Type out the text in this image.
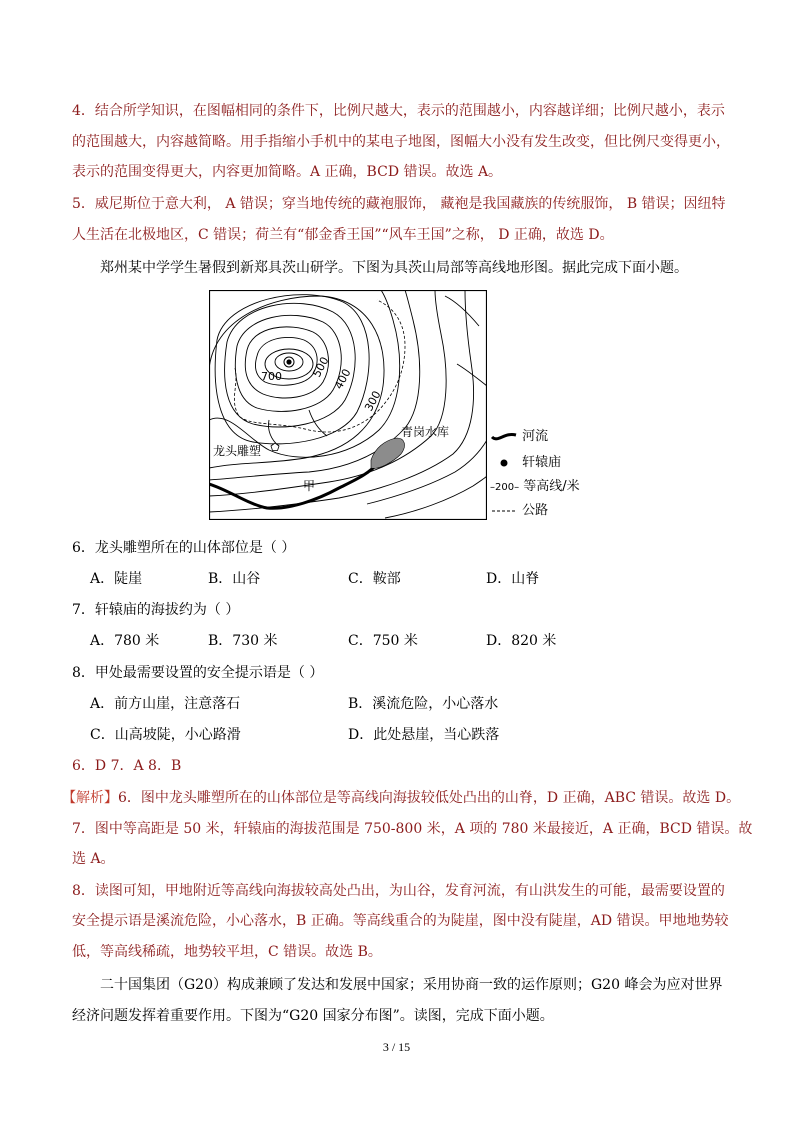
4．结合所学知识，在图幅相同的条件下，比例尺越大，表示的范围越小，内容越详细；比例尺越小，表示
的范围越大，内容越简略。用手指缩小手机中的某电子地图，图幅大小没有发生改变，但比例尺变得更小，
表示的范围变得更大，内容更加简略。A 正确，BCD 错误。故选 A。
5．威尼斯位于意大利， A 错误；穿当地传统的藏袍服饰， 藏袍是我国藏族的传统服饰， B 错误；因纽特
人生活在北极地区，C 错误；荷兰有“郁金香王国”“风车王国”之称， D 正确，故选 D。
郑州某中学学生暑假到新郑具茨山研学。下图为具茨山局部等高线地形图。据此完成下面小题。
700	500 400
300
青岗水库
龙头雕塑
甲
河流
轩辕庙
–200– 等高线/米
公路
6．龙头雕塑所在的山体部位是（ ）
A．陡崖	B．山谷	C．鞍部	D．山脊
7．轩辕庙的海拔约为（ ）
A．780 米	B．730 米	C．750 米	D．820 米
8．甲处最需要设置的安全提示语是（ ）
A．前方山崖，注意落石	B．溪流危险，小心落水
C．山高坡陡，小心路滑	D．此处悬崖，当心跌落
6．D 7．A 8．B
【解析】6．图中龙头雕塑所在的山体部位是等高线向海拔较低处凸出的山脊，D 正确，ABC 错误。故选 D。
7．图中等高距是 50 米，轩辕庙的海拔范围是 750-800 米，A 项的 780 米最接近，A 正确，BCD 错误。故
选 A。
8．读图可知，甲地附近等高线向海拔较高处凸出，为山谷，发育河流，有山洪发生的可能，最需要设置的
安全提示语是溪流危险，小心落水，B 正确。等高线重合的为陡崖，图中没有陡崖，AD 错误。甲地地势较
低，等高线稀疏，地势较平坦，C 错误。故选 B。
二十国集团（G20）构成兼顾了发达和发展中国家；采用协商一致的运作原则；G20 峰会为应对世界
经济问题发挥着重要作用。下图为“G20 国家分布图”。读图，完成下面小题。
3 / 15
